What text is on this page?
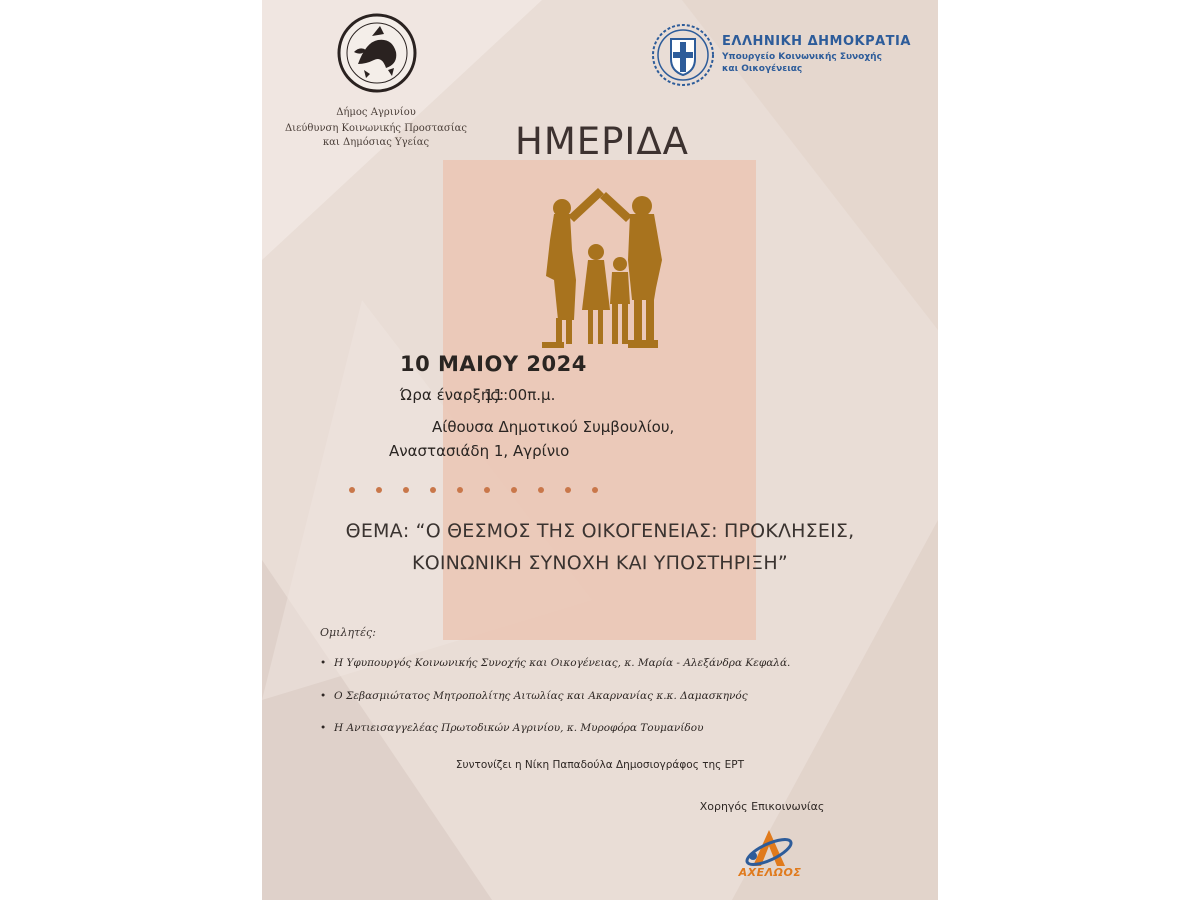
Δήμος Αγρινίου
Διεύθυνση Κοινωνικής Προστασίας
και Δημόσιας Υγείας
ΕΛΛΗΝΙΚΗ ΔΗΜΟΚΡΑΤΙΑ
Υπουργείο Κοινωνικής Συνοχής
και Οικογένειας
ΗΜΕΡΙΔΑ
10 ΜΑΙΟΥ 2024
Ώρα έναρξης:
11:00π.μ.
Αίθουσα Δημοτικού Συμβουλίου,
Αναστασιάδη 1, Αγρίνιο
ΘΕΜΑ: “Ο ΘΕΣΜΟΣ ΤΗΣ ΟΙΚΟΓΕΝΕΙΑΣ: ΠΡΟΚΛΗΣΕΙΣ,
ΚΟΙΝΩΝΙΚΗ ΣΥΝΟΧΗ ΚΑΙ ΥΠΟΣΤΗΡΙΞΗ”
Ομιλητές:
• Η Υφυπουργός Κοινωνικής Συνοχής και Οικογένειας, κ. Μαρία - Αλεξάνδρα Κεφαλά.
• Ο Σεβασμιώτατος Μητροπολίτης Αιτωλίας και Ακαρνανίας κ.κ. Δαμασκηνός
• Η Αντιεισαγγελέας Πρωτοδικών Αγρινίου, κ. Μυροφόρα Τουμανίδου
Συντονίζει η Νίκη Παπαδούλα Δημοσιογράφος της ΕΡΤ
Χορηγός Επικοινωνίας
ΑΧΕΛΩΟΣ
